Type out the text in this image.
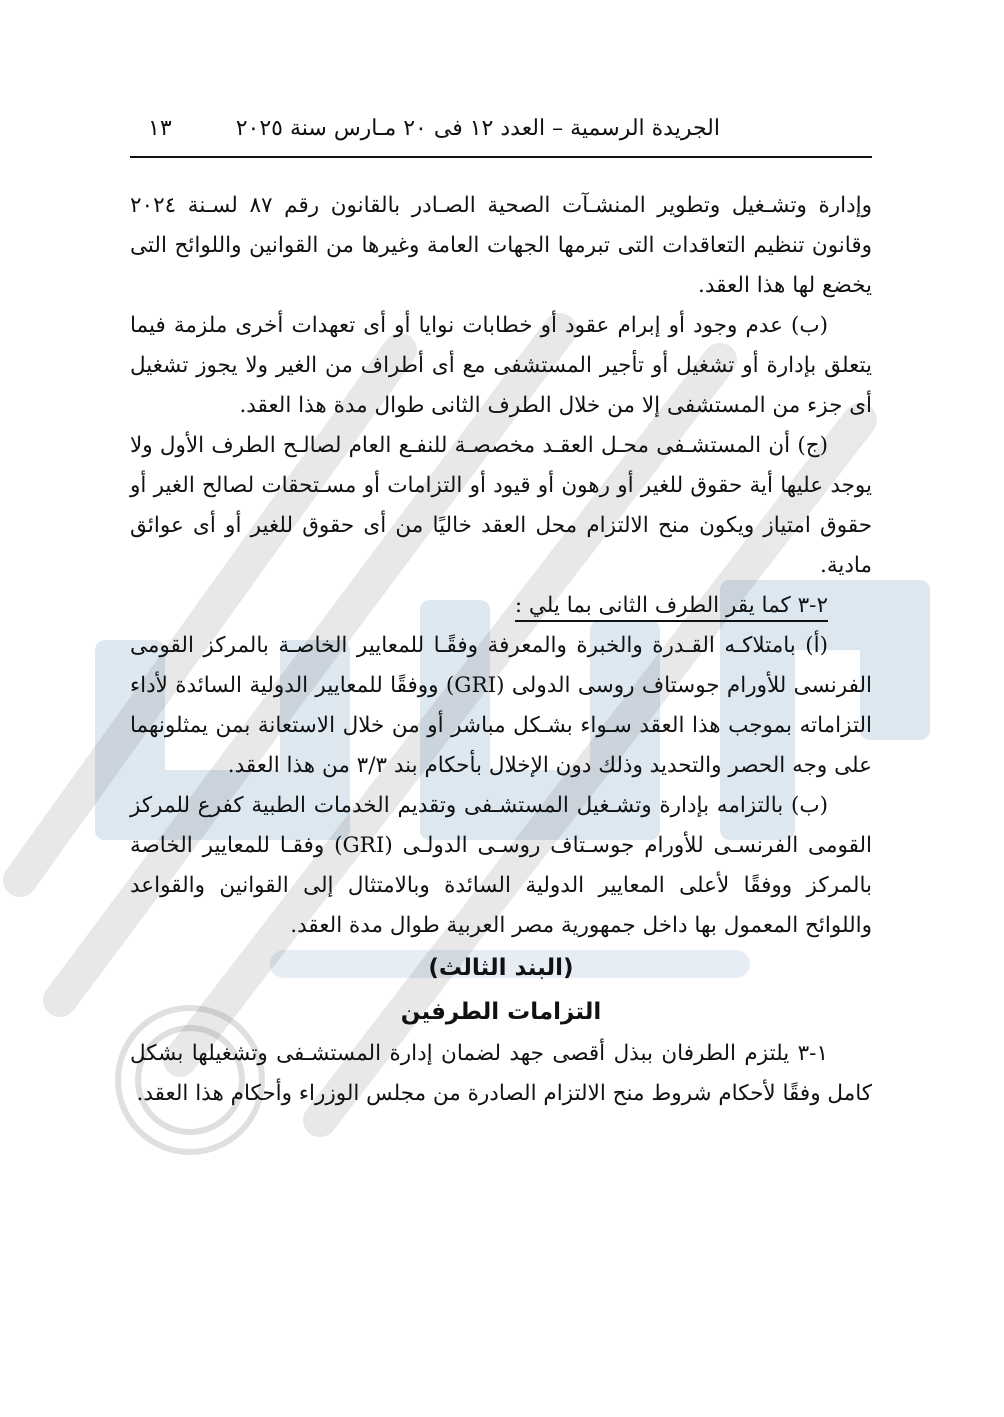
الجريدة الرسمية – العدد ١٢ فى ٢٠ مـارس سنة ٢٠٢٥
١٣

وإدارة وتشـغيل وتطوير المنشـآت الصحية الصـادر بالقانون رقم ٨٧ لسـنة ٢٠٢٤ وقانون تنظيم التعاقدات التى تبرمها الجهات العامة وغيرها من القوانين واللوائح التى يخضع لها هذا العقد.

(ب) عدم وجود أو إبرام عقود أو خطابات نوايا أو أى تعهدات أخرى ملزمة فيما يتعلق بإدارة أو تشغيل أو تأجير المستشفى مع أى أطراف من الغير ولا يجوز تشغيل أى جزء من المستشفى إلا من خلال الطرف الثانى طوال مدة هذا العقد.

(ج) أن المستشـفى محـل العقـد مخصصـة للنفـع العام لصالـح الطرف الأول ولا يوجد عليها أية حقوق للغير أو رهون أو قيود أو التزامات أو مسـتحقات لصالح الغير أو حقوق امتياز ويكون منح الالتزام محل العقد خاليًا من أى حقوق للغير أو أى عوائق مادية.

٢-٣ كما يقر الطرف الثانى بما يلي :

(أ) بامتلاكـه القـدرة والخبرة والمعرفة وفقًـا للمعايير الخاصـة بالمركز القومى الفرنسى للأورام جوستاف روسى الدولى (GRI) ووفقًا للمعايير الدولية السائدة لأداء التزاماته بموجب هذا العقد سـواء بشـكل مباشر أو من خلال الاستعانة بمن يمثلونهما على وجه الحصر والتحديد وذلك دون الإخلال بأحكام بند ٣/٣ من هذا العقد.

(ب) بالتزامه بإدارة وتشـغيل المستشـفى وتقديم الخدمات الطبية كفرع للمركز القومى الفرنسـى للأورام جوسـتاف روسـى الدولـى (GRI) وفقـا للمعايير الخاصة بالمركز ووفقًا لأعلى المعايير الدولية السائدة وبالامتثال إلى القوانين والقواعد واللوائح المعمول بها داخل جمهورية مصر العربية طوال مدة العقد.

(البند الثالث)

التزامات الطرفين

١-٣ يلتزم الطرفان ببذل أقصى جهد لضمان إدارة المستشـفى وتشغيلها بشكل كامل وفقًا لأحكام شروط منح الالتزام الصادرة من مجلس الوزراء وأحكام هذا العقد.
